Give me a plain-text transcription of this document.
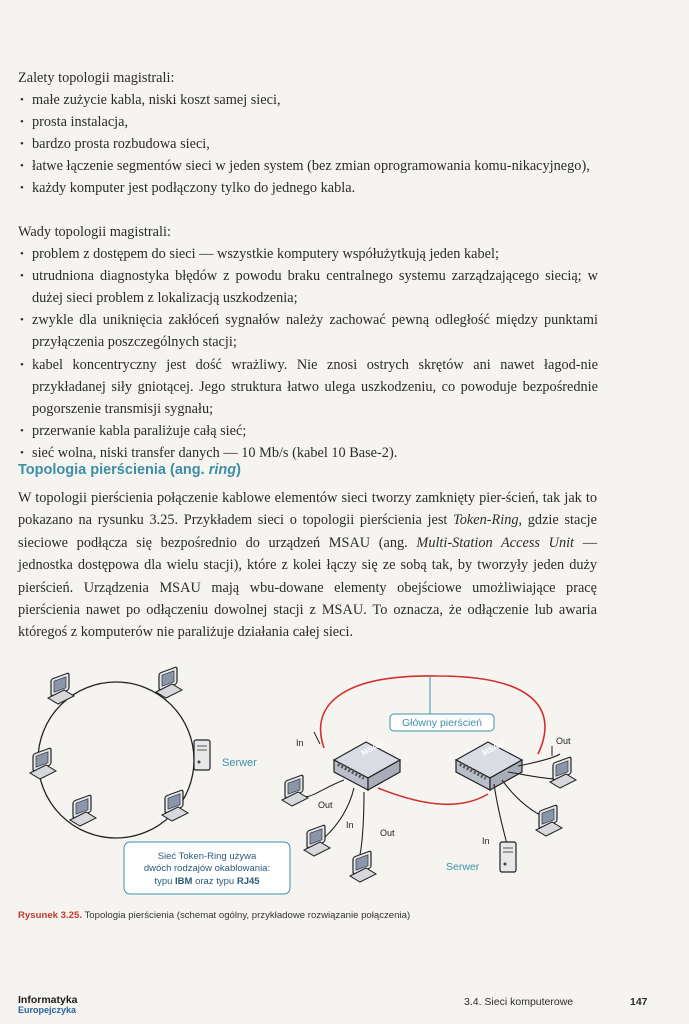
Zalety topologii magistrali:

• małe zużycie kabla, niski koszt samej sieci,
• prosta instalacja,
• bardzo prosta rozbudowa sieci,
• łatwe łączenie segmentów sieci w jeden system (bez zmian oprogramowania komu-nikacyjnego),
• każdy komputer jest podłączony tylko do jednego kabla.

Wady topologii magistrali:

• problem z dostępem do sieci — wszystkie komputery współużytkują jeden kabel;
• utrudniona diagnostyka błędów z powodu braku centralnego systemu zarządzającego siecią; w dużej sieci problem z lokalizacją uszkodzenia;
• zwykle dla uniknięcia zakłóceń sygnałów należy zachować pewną odległość między punktami przyłączenia poszczególnych stacji;
• kabel koncentryczny jest dość wrażliwy. Nie znosi ostrych skrętów ani nawet łagod-nie przykładanej siły gniotącej. Jego struktura łatwo ulega uszkodzeniu, co powoduje bezpośrednie pogorszenie transmisji sygnału;
• przerwanie kabla paraliżuje całą sieć;
• sieć wolna, niski transfer danych — 10 Mb/s (kabel 10 Base-2).
Topologia pierścienia (ang. ring)
W topologii pierścienia połączenie kablowe elementów sieci tworzy zamknięty pier-ścień, tak jak to pokazano na rysunku 3.25. Przykładem sieci o topologii pierścienia jest Token-Ring, gdzie stacje sieciowe podłącza się bezpośrednio do urządzeń MSAU (ang. Multi-Station Access Unit — jednostka dostępowa dla wielu stacji), które z kolei łączy się ze sobą tak, by tworzyły jeden duży pierścień. Urządzenia MSAU mają wbu-dowane elementy obejściowe umożliwiające pracę pierścienia nawet po odłączeniu dowolnej stacji z MSAU. To oznacza, że odłączenie lub awaria któregoś z komputerów nie paraliżuje działania całej sieci.
Serwer
Sieć Token-Ring używa
dwóch rodzajów okablowania:
typu IBM oraz typu RJ45
Główny pierścień
MSAU	MSAU
In	Out
Out
In
Out
In
Serwer
Rysunek 3.25. Topologia pierścienia (schemat ogólny, przykładowe rozwiązanie połączenia)
Informatyka
Europejczyka
3.4. Sieci komputerowe	147
